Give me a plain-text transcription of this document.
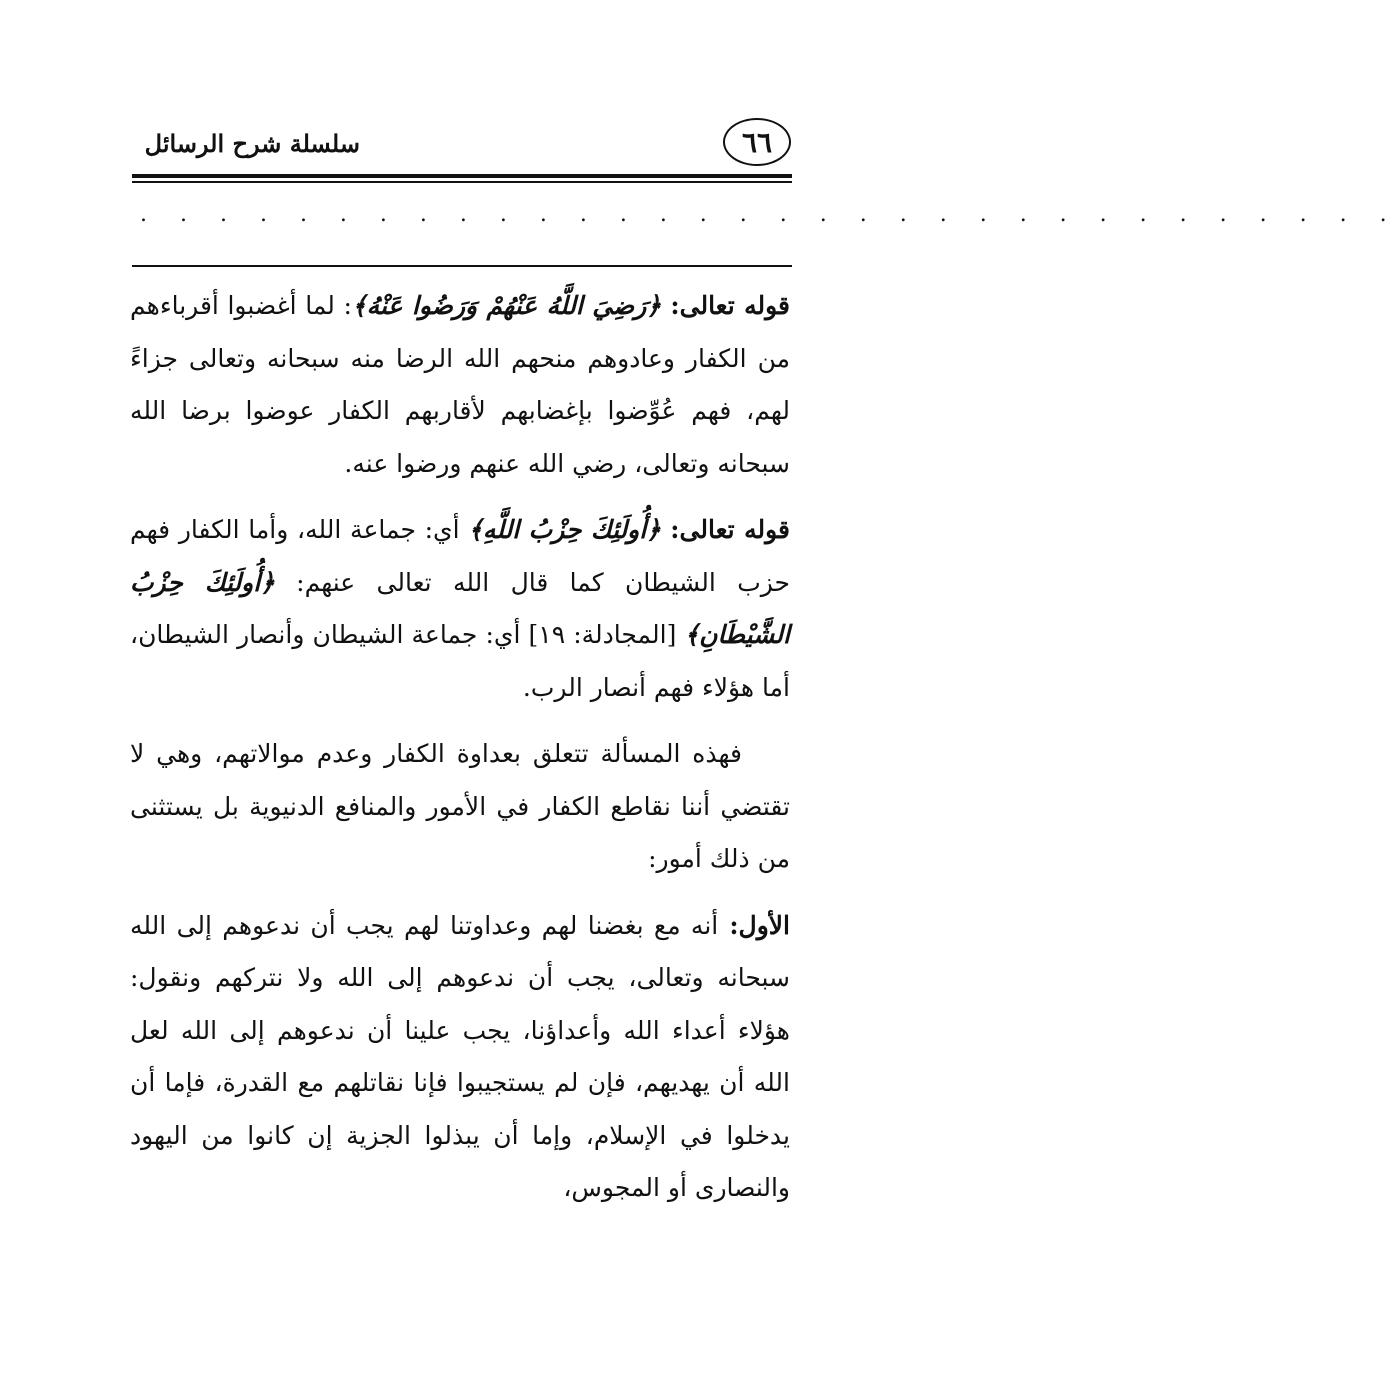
٦٦
سلسلة شرح الرسائل
. . . . . . . . . . . . . . . . . . . . . . . . . . . . . . . .

قوله تعالى: ﴿رَضِيَ اللَّهُ عَنْهُمْ وَرَضُوا عَنْهُ﴾: لما أغضبوا أقرباءهم من الكفار وعادوهم منحهم الله الرضا منه سبحانه وتعالى جزاءً لهم، فهم عُوِّضوا بإغضابهم لأقاربهم الكفار عوضوا برضا الله سبحانه وتعالى، رضي الله عنهم ورضوا عنه.

قوله تعالى: ﴿أُولَئِكَ حِزْبُ اللَّهِ﴾ أي: جماعة الله، وأما الكفار فهم حزب الشيطان كما قال الله تعالى عنهم: ﴿أُولَئِكَ حِزْبُ الشَّيْطَانِ﴾ [المجادلة: ١٩] أي: جماعة الشيطان وأنصار الشيطان، أما هؤلاء فهم أنصار الرب.

فهذه المسألة تتعلق بعداوة الكفار وعدم موالاتهم، وهي لا تقتضي أننا نقاطع الكفار في الأمور والمنافع الدنيوية بل يستثنى من ذلك أمور:

الأول: أنه مع بغضنا لهم وعداوتنا لهم يجب أن ندعوهم إلى الله سبحانه وتعالى، يجب أن ندعوهم إلى الله ولا نتركهم ونقول: هؤلاء أعداء الله وأعداؤنا، يجب علينا أن ندعوهم إلى الله لعل الله أن يهديهم، فإن لم يستجيبوا فإنا نقاتلهم مع القدرة، فإما أن يدخلوا في الإسلام، وإما أن يبذلوا الجزية إن كانوا من اليهود والنصارى أو المجوس،
